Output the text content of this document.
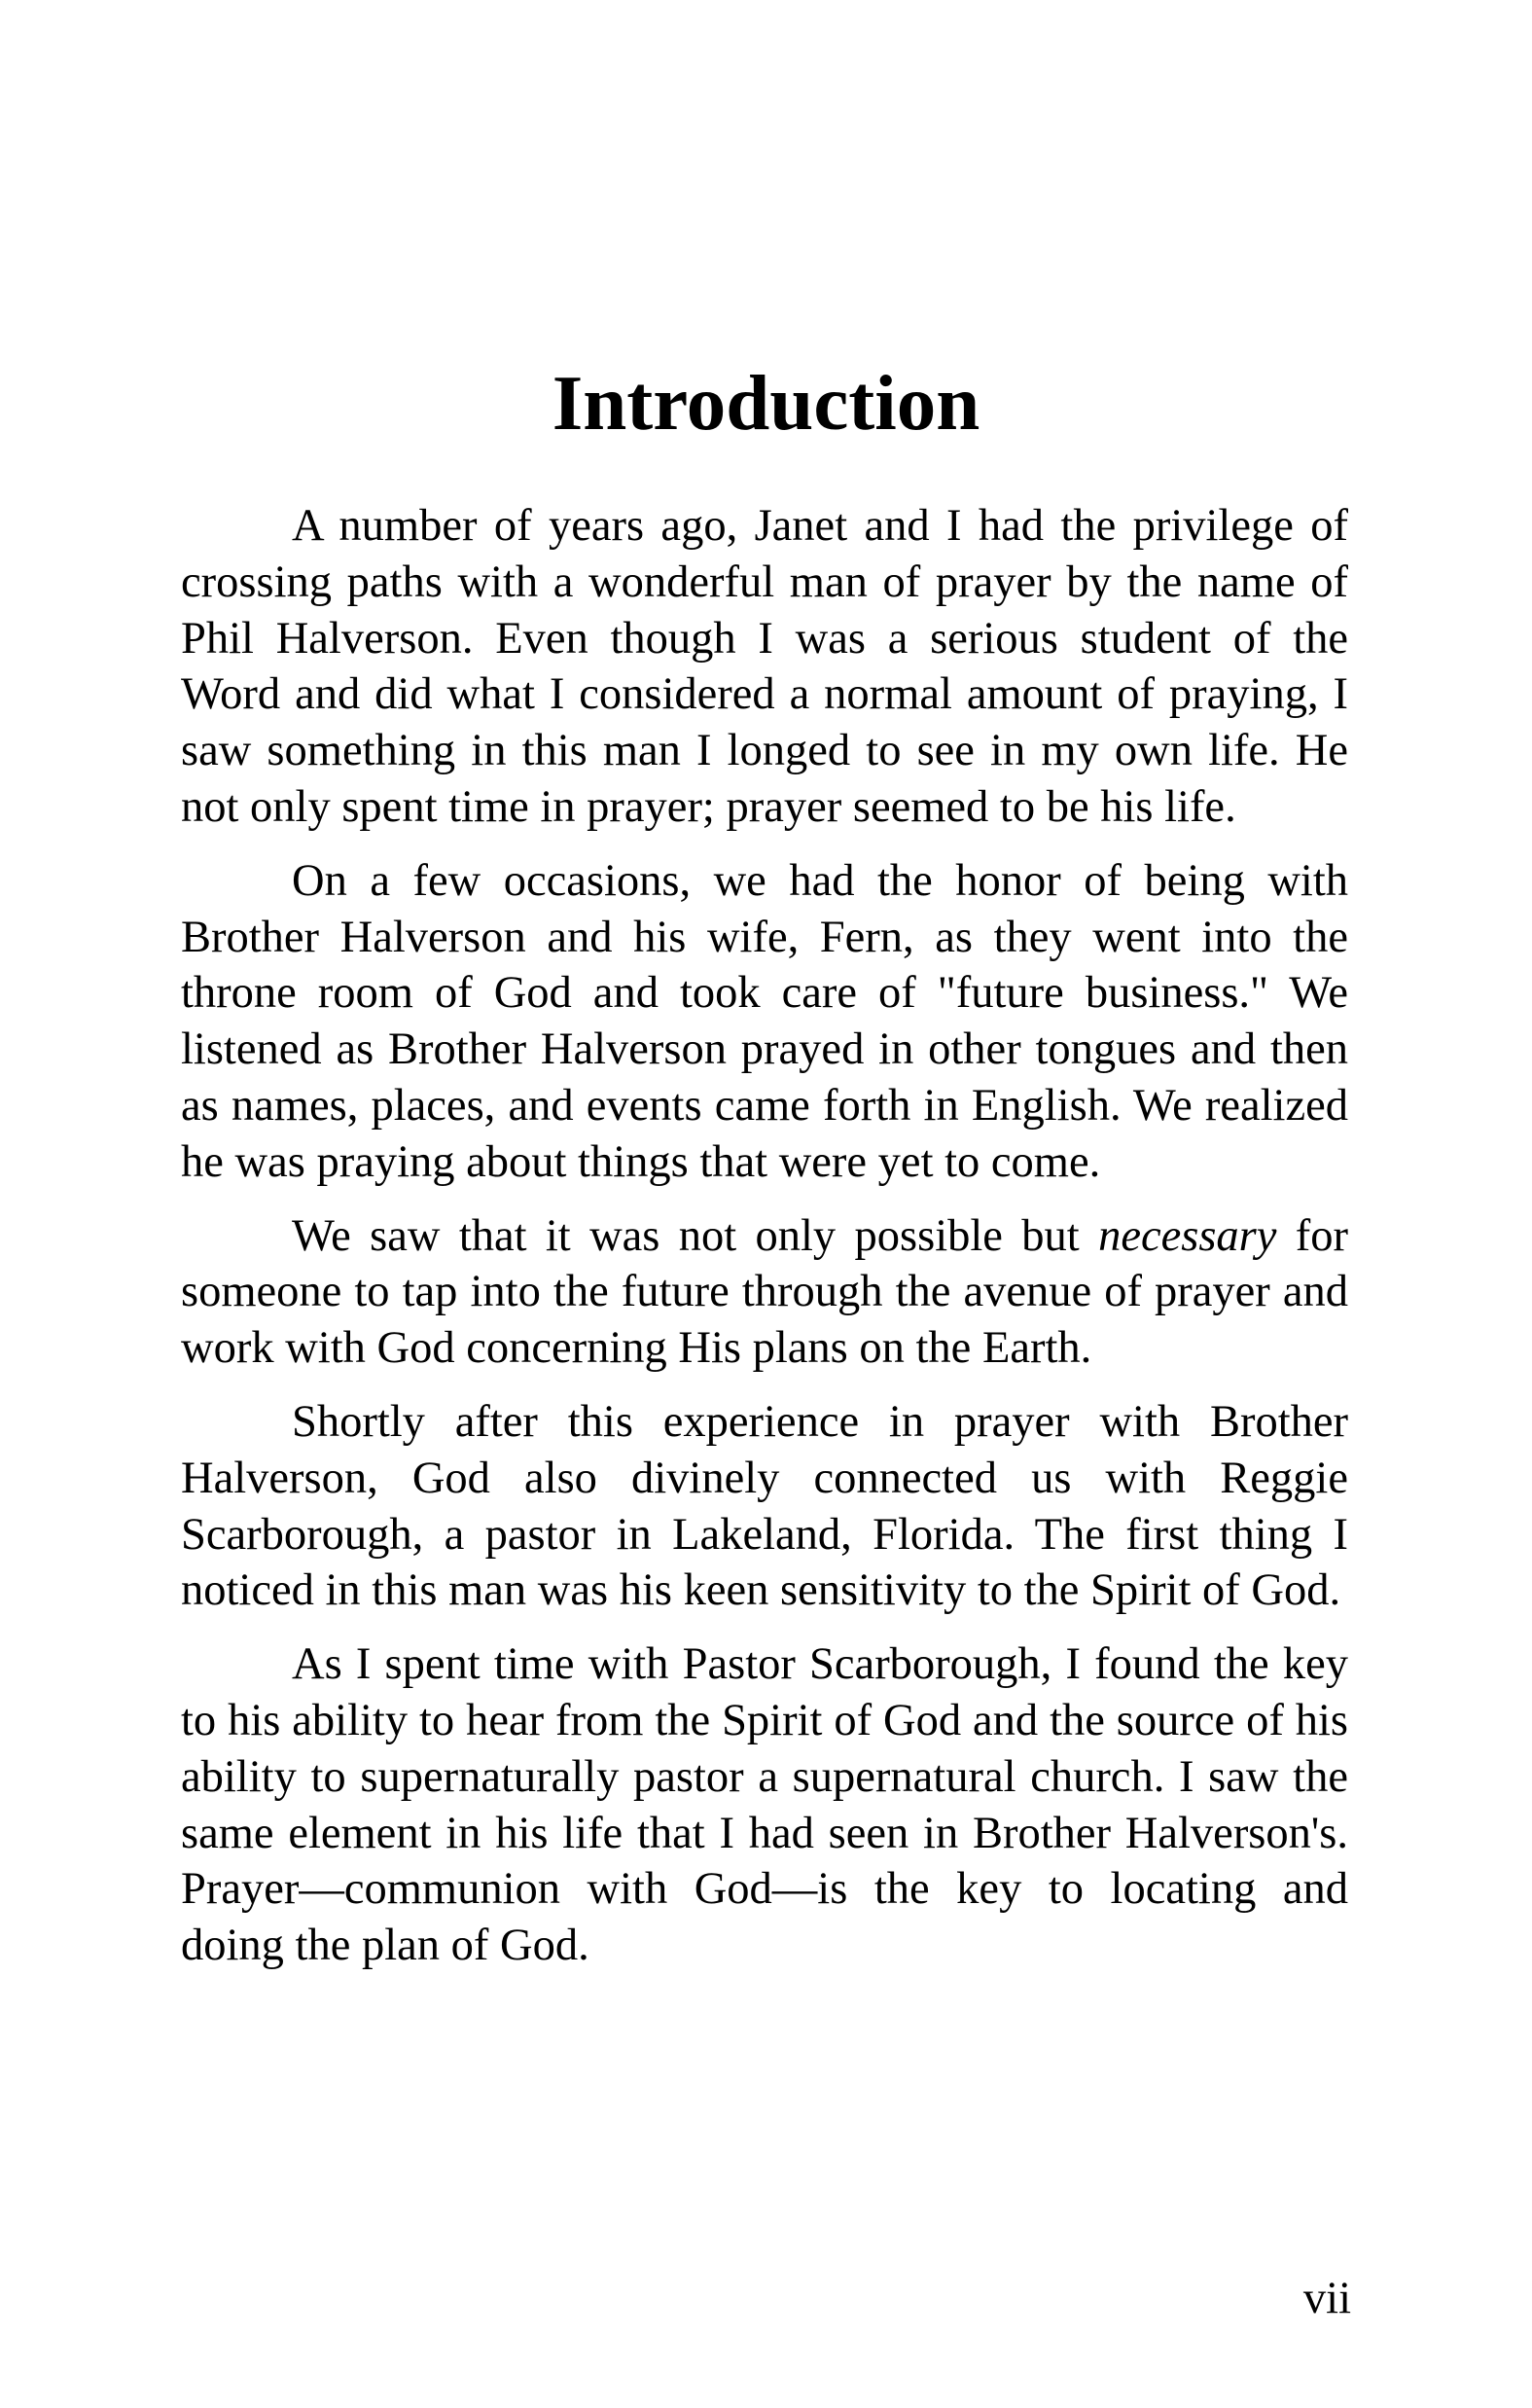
Introduction

A number of years ago, Janet and I had the privilege of crossing paths with a wonderful man of prayer by the name of Phil Halverson. Even though I was a serious student of the Word and did what I considered a normal amount of praying, I saw something in this man I longed to see in my own life. He not only spent time in prayer; prayer seemed to be his life.

On a few occasions, we had the honor of being with Brother Halverson and his wife, Fern, as they went into the throne room of God and took care of "future business." We listened as Brother Halverson prayed in other tongues and then as names, places, and events came forth in English. We realized he was praying about things that were yet to come.

We saw that it was not only possible but necessary for someone to tap into the future through the avenue of prayer and work with God concerning His plans on the Earth.

Shortly after this experience in prayer with Brother Halverson, God also divinely connected us with Reggie Scarborough, a pastor in Lakeland, Florida. The first thing I noticed in this man was his keen sensitivity to the Spirit of God.

As I spent time with Pastor Scarborough, I found the key to his ability to hear from the Spirit of God and the source of his ability to supernaturally pastor a supernatural church. I saw the same element in his life that I had seen in Brother Halverson's. Prayer—communion with God—is the key to locating and doing the plan of God.

vii
